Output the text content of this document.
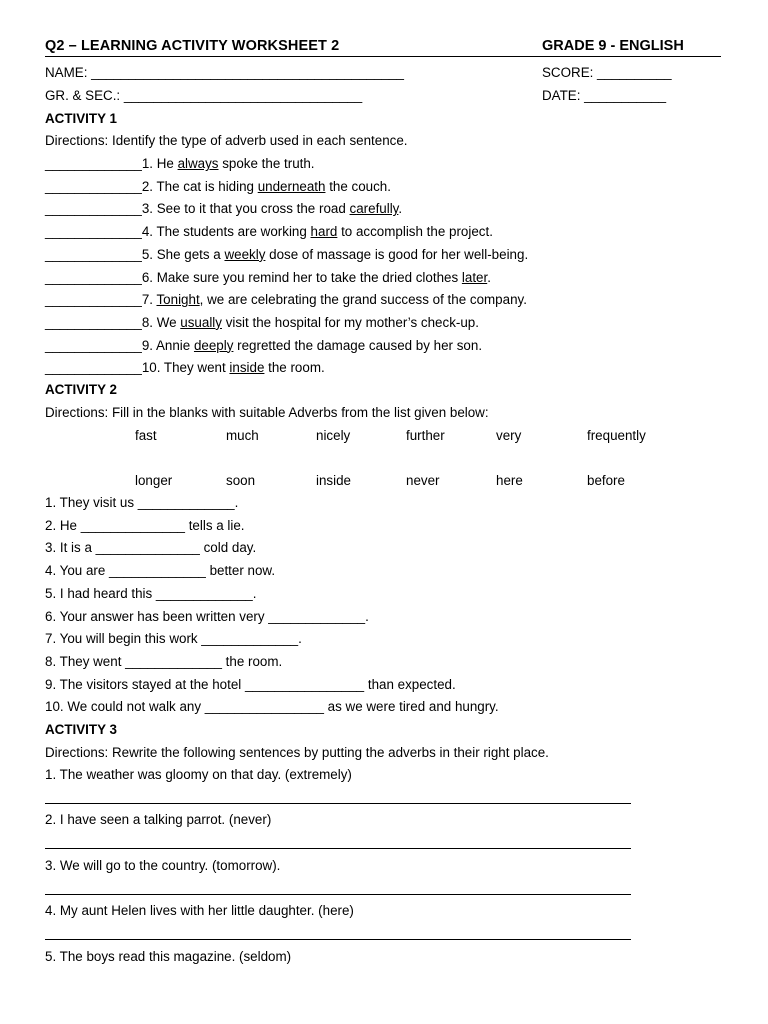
Q2 – LEARNING ACTIVITY WORKSHEET 2	GRADE 9 - ENGLISH
NAME: __________________________________________	SCORE: __________
GR. & SEC.: ________________________________	DATE: ___________
ACTIVITY 1
Directions: Identify the type of adverb used in each sentence.
_____________1. He always spoke the truth.
_____________2. The cat is hiding underneath the couch.
_____________3. See to it that you cross the road carefully.
_____________4. The students are working hard to accomplish the project.
_____________5. She gets a weekly dose of massage is good for her well-being.
_____________6. Make sure you remind her to take the dried clothes later.
_____________7. Tonight, we are celebrating the grand success of the company.
_____________8. We usually visit the hospital for my mother’s check-up.
_____________9. Annie deeply regretted the damage caused by her son.
_____________10. They went inside the room.
ACTIVITY 2
Directions: Fill in the blanks with suitable Adverbs from the list given below:
fast	much	nicely	further	very	frequently
longer	soon	inside	never	here	before
1. They visit us _____________.
2. He ______________ tells a lie.
3. It is a ______________ cold day.
4. You are _____________ better now.
5. I had heard this _____________.
6. Your answer has been written very _____________.
7. You will begin this work _____________.
8. They went _____________ the room.
9. The visitors stayed at the hotel ________________ than expected.
10. We could not walk any ________________ as we were tired and hungry.
ACTIVITY 3
Directions: Rewrite the following sentences by putting the adverbs in their right place.
1. The weather was gloomy on that day. (extremely)
2. I have seen a talking parrot. (never)
3. We will go to the country. (tomorrow).
4. My aunt Helen lives with her little daughter. (here)
5. The boys read this magazine. (seldom)
